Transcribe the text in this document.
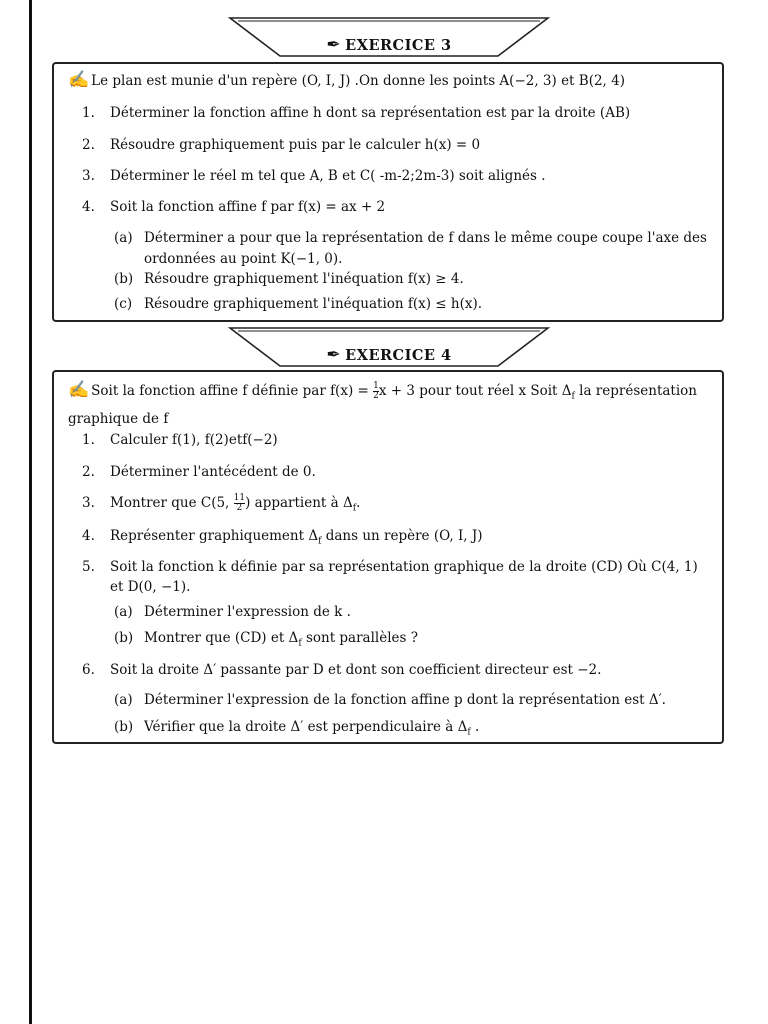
✒ EXERCICE 3
✍ Le plan est munie d'un repère (O, I, J) .On donne les points A(−2, 3) et B(2, 4)
1. Déterminer la fonction affine h dont sa représentation est par la droite (AB)
2. Résoudre graphiquement puis par le calculer h(x) = 0
3. Déterminer le réel m tel que A, B et C( -m-2;2m-3) soit alignés .
4. Soit la fonction affine f par f(x) = ax + 2
(a) Déterminer a pour que la représentation de f dans le même coupe coupe l'axe des
ordonnées au point K(−1, 0).
(b) Résoudre graphiquement l'inéquation f(x) ≥ 4.
(c) Résoudre graphiquement l'inéquation f(x) ≤ h(x).
✒ EXERCICE 4
✍ Soit la fonction affine f définie par $f(x) = \frac{1}{2}$ x + 3 pour tout réel x Soit $\Delta_f$ la représentation
graphique de f
1. Calculer f(1), f(2)etf(−2)
2. Déterminer l'antécédent de 0.
3. Montrer que C(5, $\frac{11}{2}$ ) appartient à $\Delta_f$.
4. Représenter graphiquement $\Delta_f$ dans un repère (O, I, J)
5. Soit la fonction k définie par sa représentation graphique de la droite (CD) Où C(4, 1)
et D(0, −1).
(a) Déterminer l'expression de k .
(b) Montrer que (CD) et $\Delta_f$ sont parallèles ?
6. Soit la droite Δ′ passante par D et dont son coefficient directeur est −2.
(a) Déterminer l'expression de la fonction affine p dont la représentation est Δ′.
(b) Vérifier que la droite Δ′ est perpendiculaire à $\Delta_f$ .
